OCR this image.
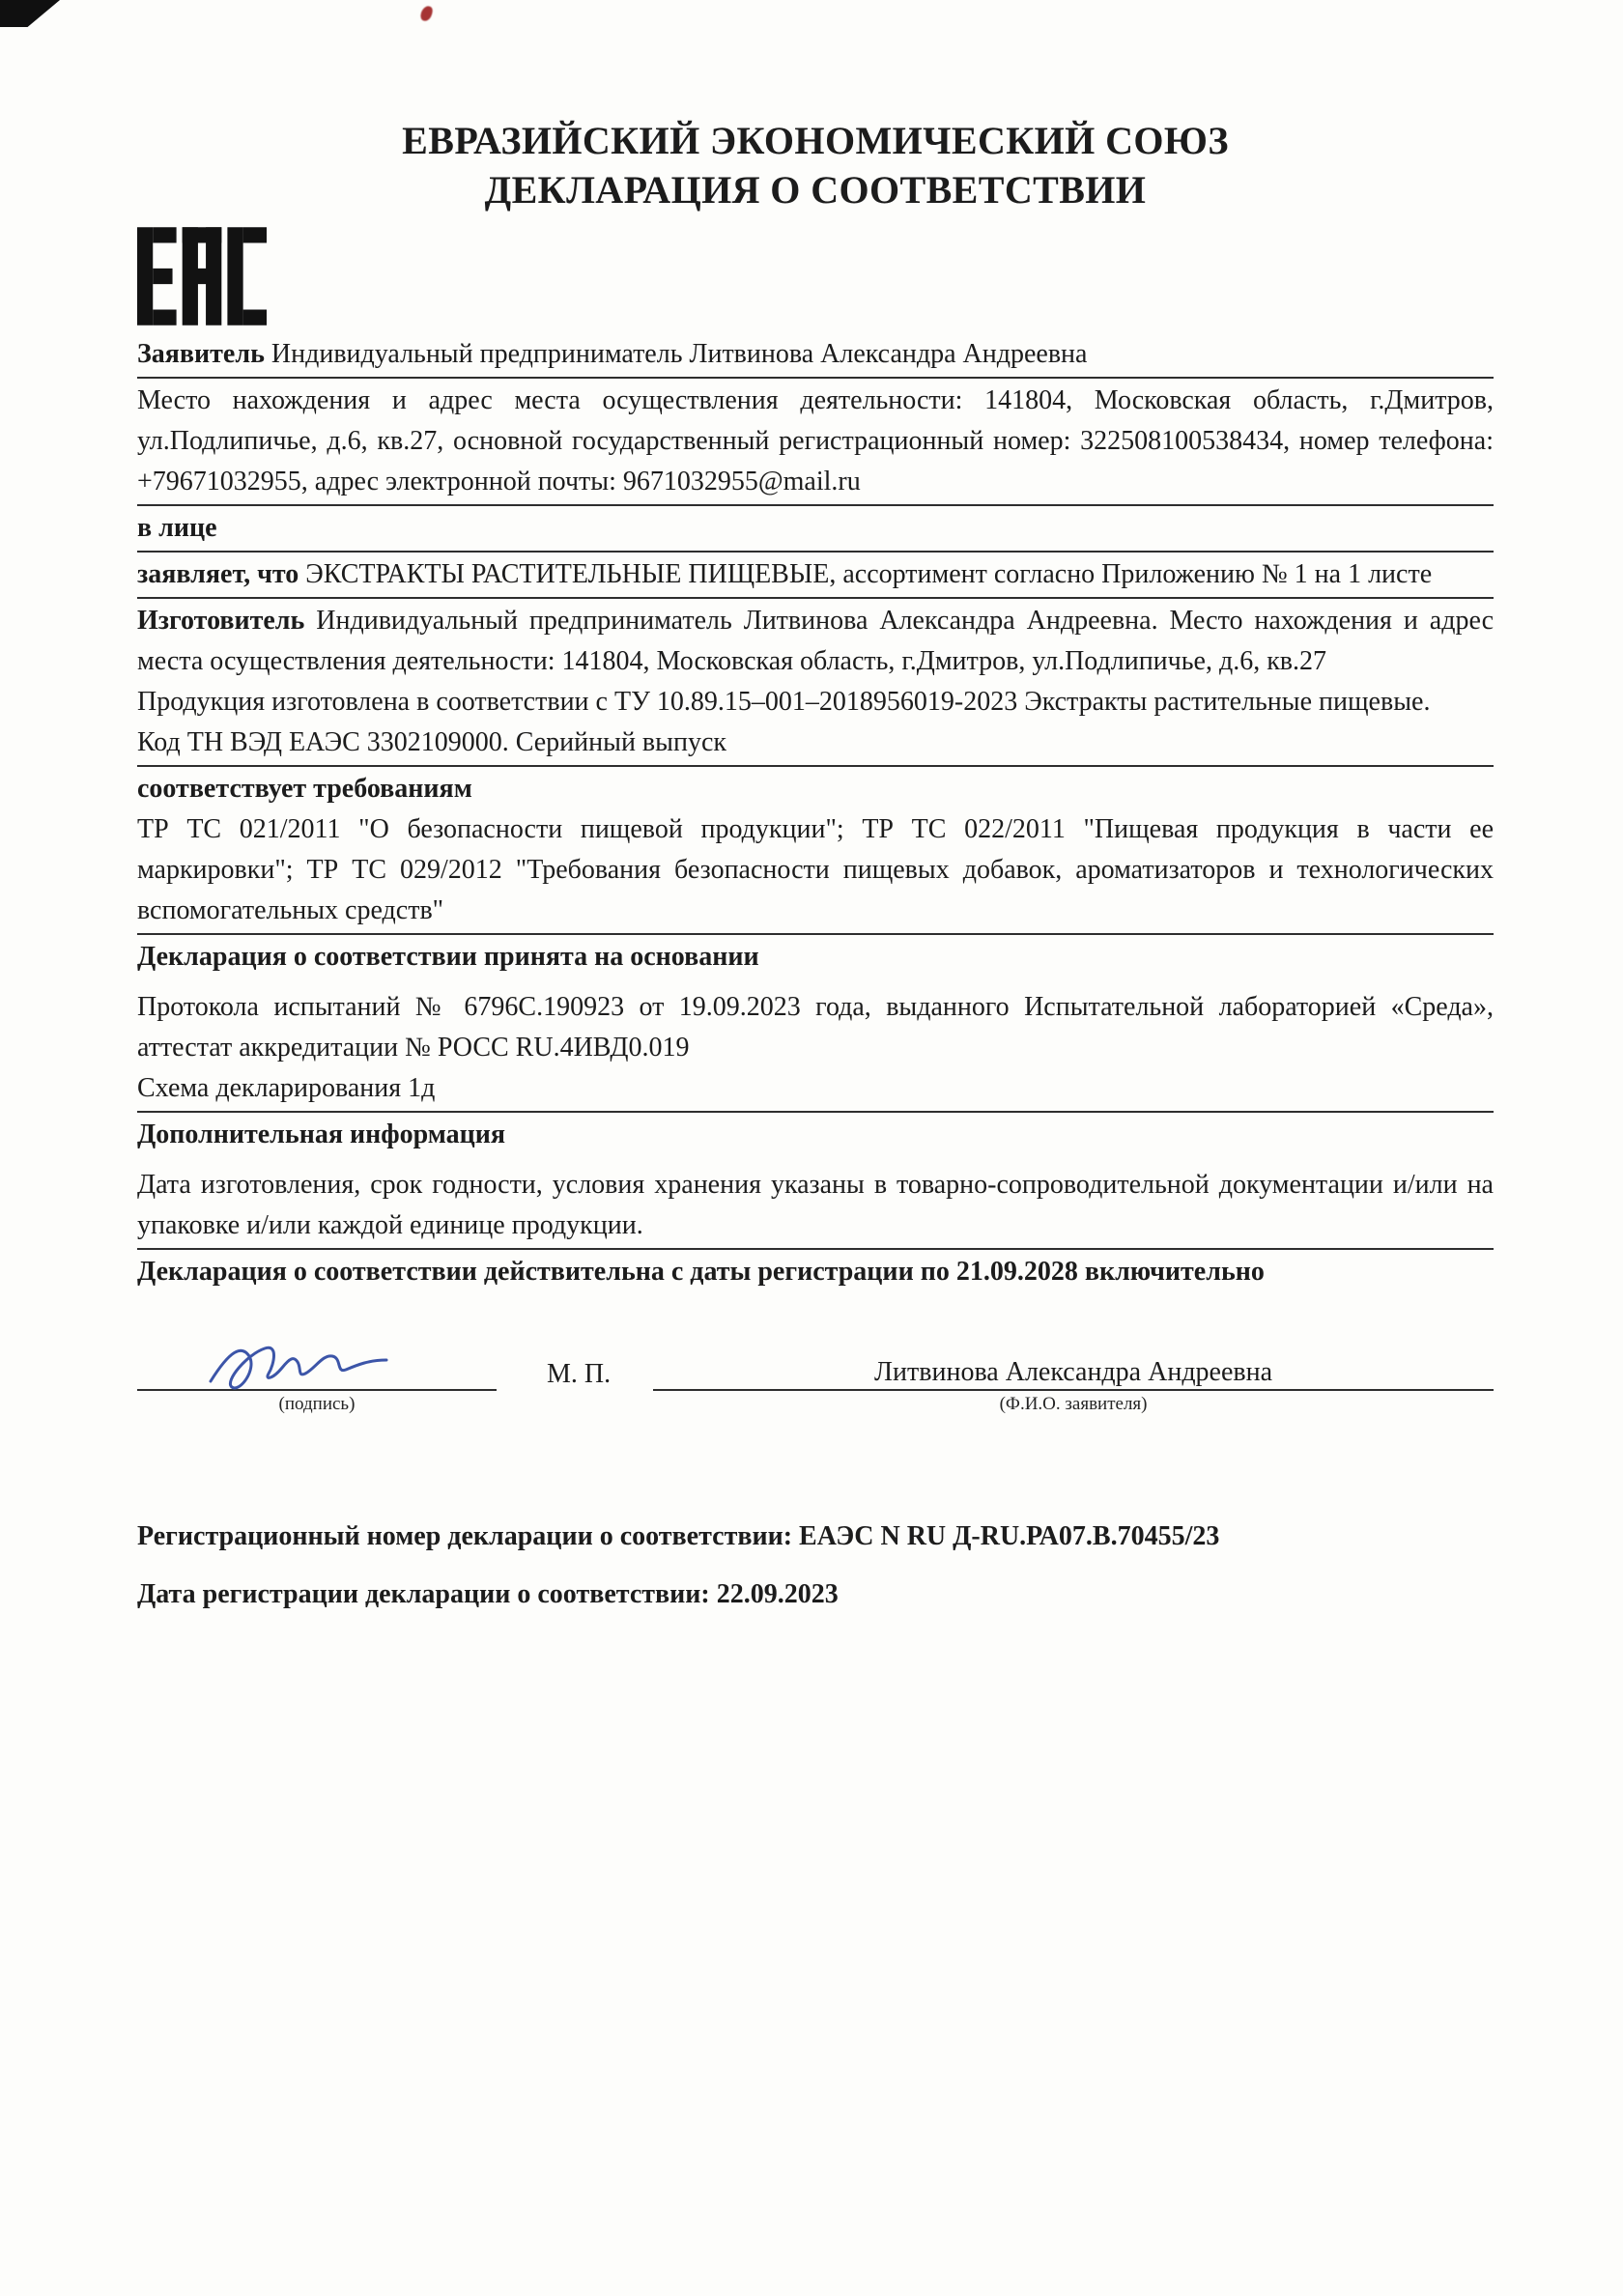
ЕВРАЗИЙСКИЙ ЭКОНОМИЧЕСКИЙ СОЮЗ
ДЕКЛАРАЦИЯ О СООТВЕТСТВИИ

Заявитель Индивидуальный предприниматель Литвинова Александра Андреевна

Место нахождения и адрес места осуществления деятельности: 141804, Московская область, г.Дмитров, ул.Подлипичье, д.6, кв.27, основной государственный регистрационный номер: 322508100538434, номер телефона: +79671032955, адрес электронной почты: 9671032955@mail.ru

в лице

заявляет, что ЭКСТРАКТЫ РАСТИТЕЛЬНЫЕ ПИЩЕВЫЕ, ассортимент согласно Приложению № 1 на 1 листе

Изготовитель Индивидуальный предприниматель Литвинова Александра Андреевна. Место нахождения и адрес места осуществления деятельности: 141804, Московская область, г.Дмитров, ул.Подлипичье, д.6, кв.27

Продукция изготовлена в соответствии с ТУ 10.89.15–001–2018956019-2023 Экстракты растительные пищевые.

Код ТН ВЭД ЕАЭС 3302109000. Серийный выпуск

соответствует требованиям

ТР ТС 021/2011 "О безопасности пищевой продукции"; ТР ТС 022/2011 "Пищевая продукция в части ее маркировки"; ТР ТС 029/2012 "Требования безопасности пищевых добавок, ароматизаторов и технологических вспомогательных средств"

Декларация о соответствии принята на основании

Протокола испытаний № 6796С.190923 от 19.09.2023 года, выданного Испытательной лабораторией «Среда», аттестат аккредитации № РОСС RU.4ИВД0.019

Схема декларирования 1д

Дополнительная информация

Дата изготовления, срок годности, условия хранения указаны в товарно-сопроводительной документации и/или на упаковке и/или каждой единице продукции.

Декларация о соответствии действительна с даты регистрации по 21.09.2028 включительно

(подпись)
М. П.	Литвинова Александра Андреевна
(Ф.И.О. заявителя)
Регистрационный номер декларации о соответствии: ЕАЭС N RU Д-RU.РА07.В.70455/23
Дата регистрации декларации о соответствии: 22.09.2023
